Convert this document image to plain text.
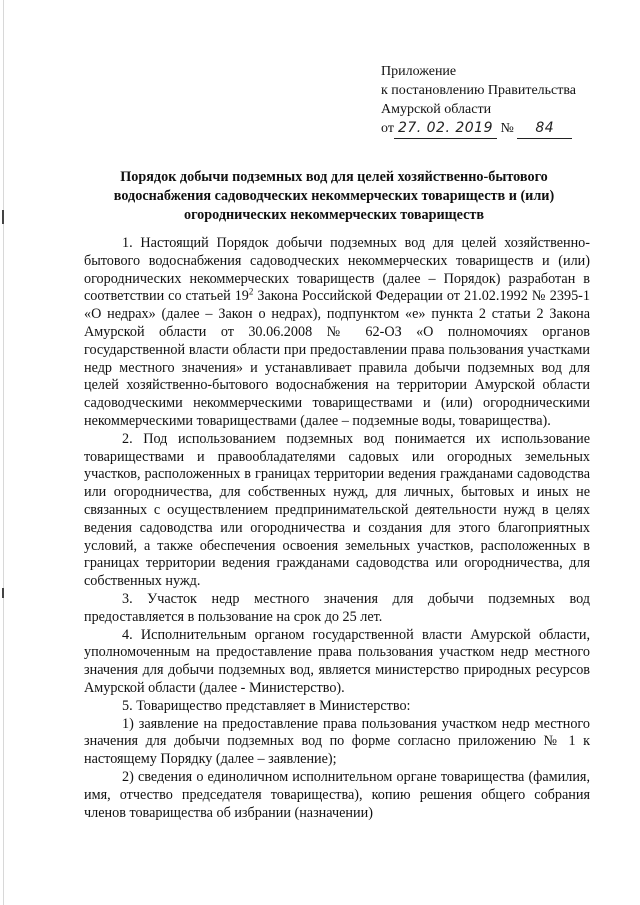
Приложение
к постановлению Правительства
Амурской области
от 27. 02. 2019 № 84
Порядок добычи подземных вод для целей хозяйственно-бытового водоснабжения садоводческих некоммерческих товариществ и (или) огороднических некоммерческих товариществ

1. Настоящий Порядок добычи подземных вод для целей хозяйственно-бытового водоснабжения садоводческих некоммерческих товариществ и (или) огороднических некоммерческих товариществ (далее – Порядок) разработан в соответствии со статьей $19^2$ Закона Российской Федерации от 21.02.1992 № 2395-1 «О недрах» (далее – Закон о недрах), подпунктом «е» пункта 2 статьи 2 Закона Амурской области от 30.06.2008 № 62-ОЗ «О полномочиях органов государственной власти области при предоставлении права пользования участками недр местного значения» и устанавливает правила добычи подземных вод для целей хозяйственно-бытового водоснабжения на территории Амурской области садоводческими некоммерческими товариществами и (или) огородническими некоммерческими товариществами (далее – подземные воды, товарищества).

2. Под использованием подземных вод понимается их использование товариществами и правообладателями садовых или огородных земельных участков, расположенных в границах территории ведения гражданами садоводства или огородничества, для собственных нужд, для личных, бытовых и иных не связанных с осуществлением предпринимательской деятельности нужд в целях ведения садоводства или огородничества и создания для этого благоприятных условий, а также обеспечения освоения земельных участков, расположенных в границах территории ведения гражданами садоводства или огородничества, для собственных нужд.

3. Участок недр местного значения для добычи подземных вод предоставляется в пользование на срок до 25 лет.

4. Исполнительным органом государственной власти Амурской области, уполномоченным на предоставление права пользования участком недр местного значения для добычи подземных вод, является министерство природных ресурсов Амурской области (далее - Министерство).

5. Товарищество представляет в Министерство:

1) заявление на предоставление права пользования участком недр местного значения для добычи подземных вод по форме согласно приложению № 1 к настоящему Порядку (далее – заявление);

2) сведения о единоличном исполнительном органе товарищества (фамилия, имя, отчество председателя товарищества), копию решения общего собрания членов товарищества об избрании (назначении)
